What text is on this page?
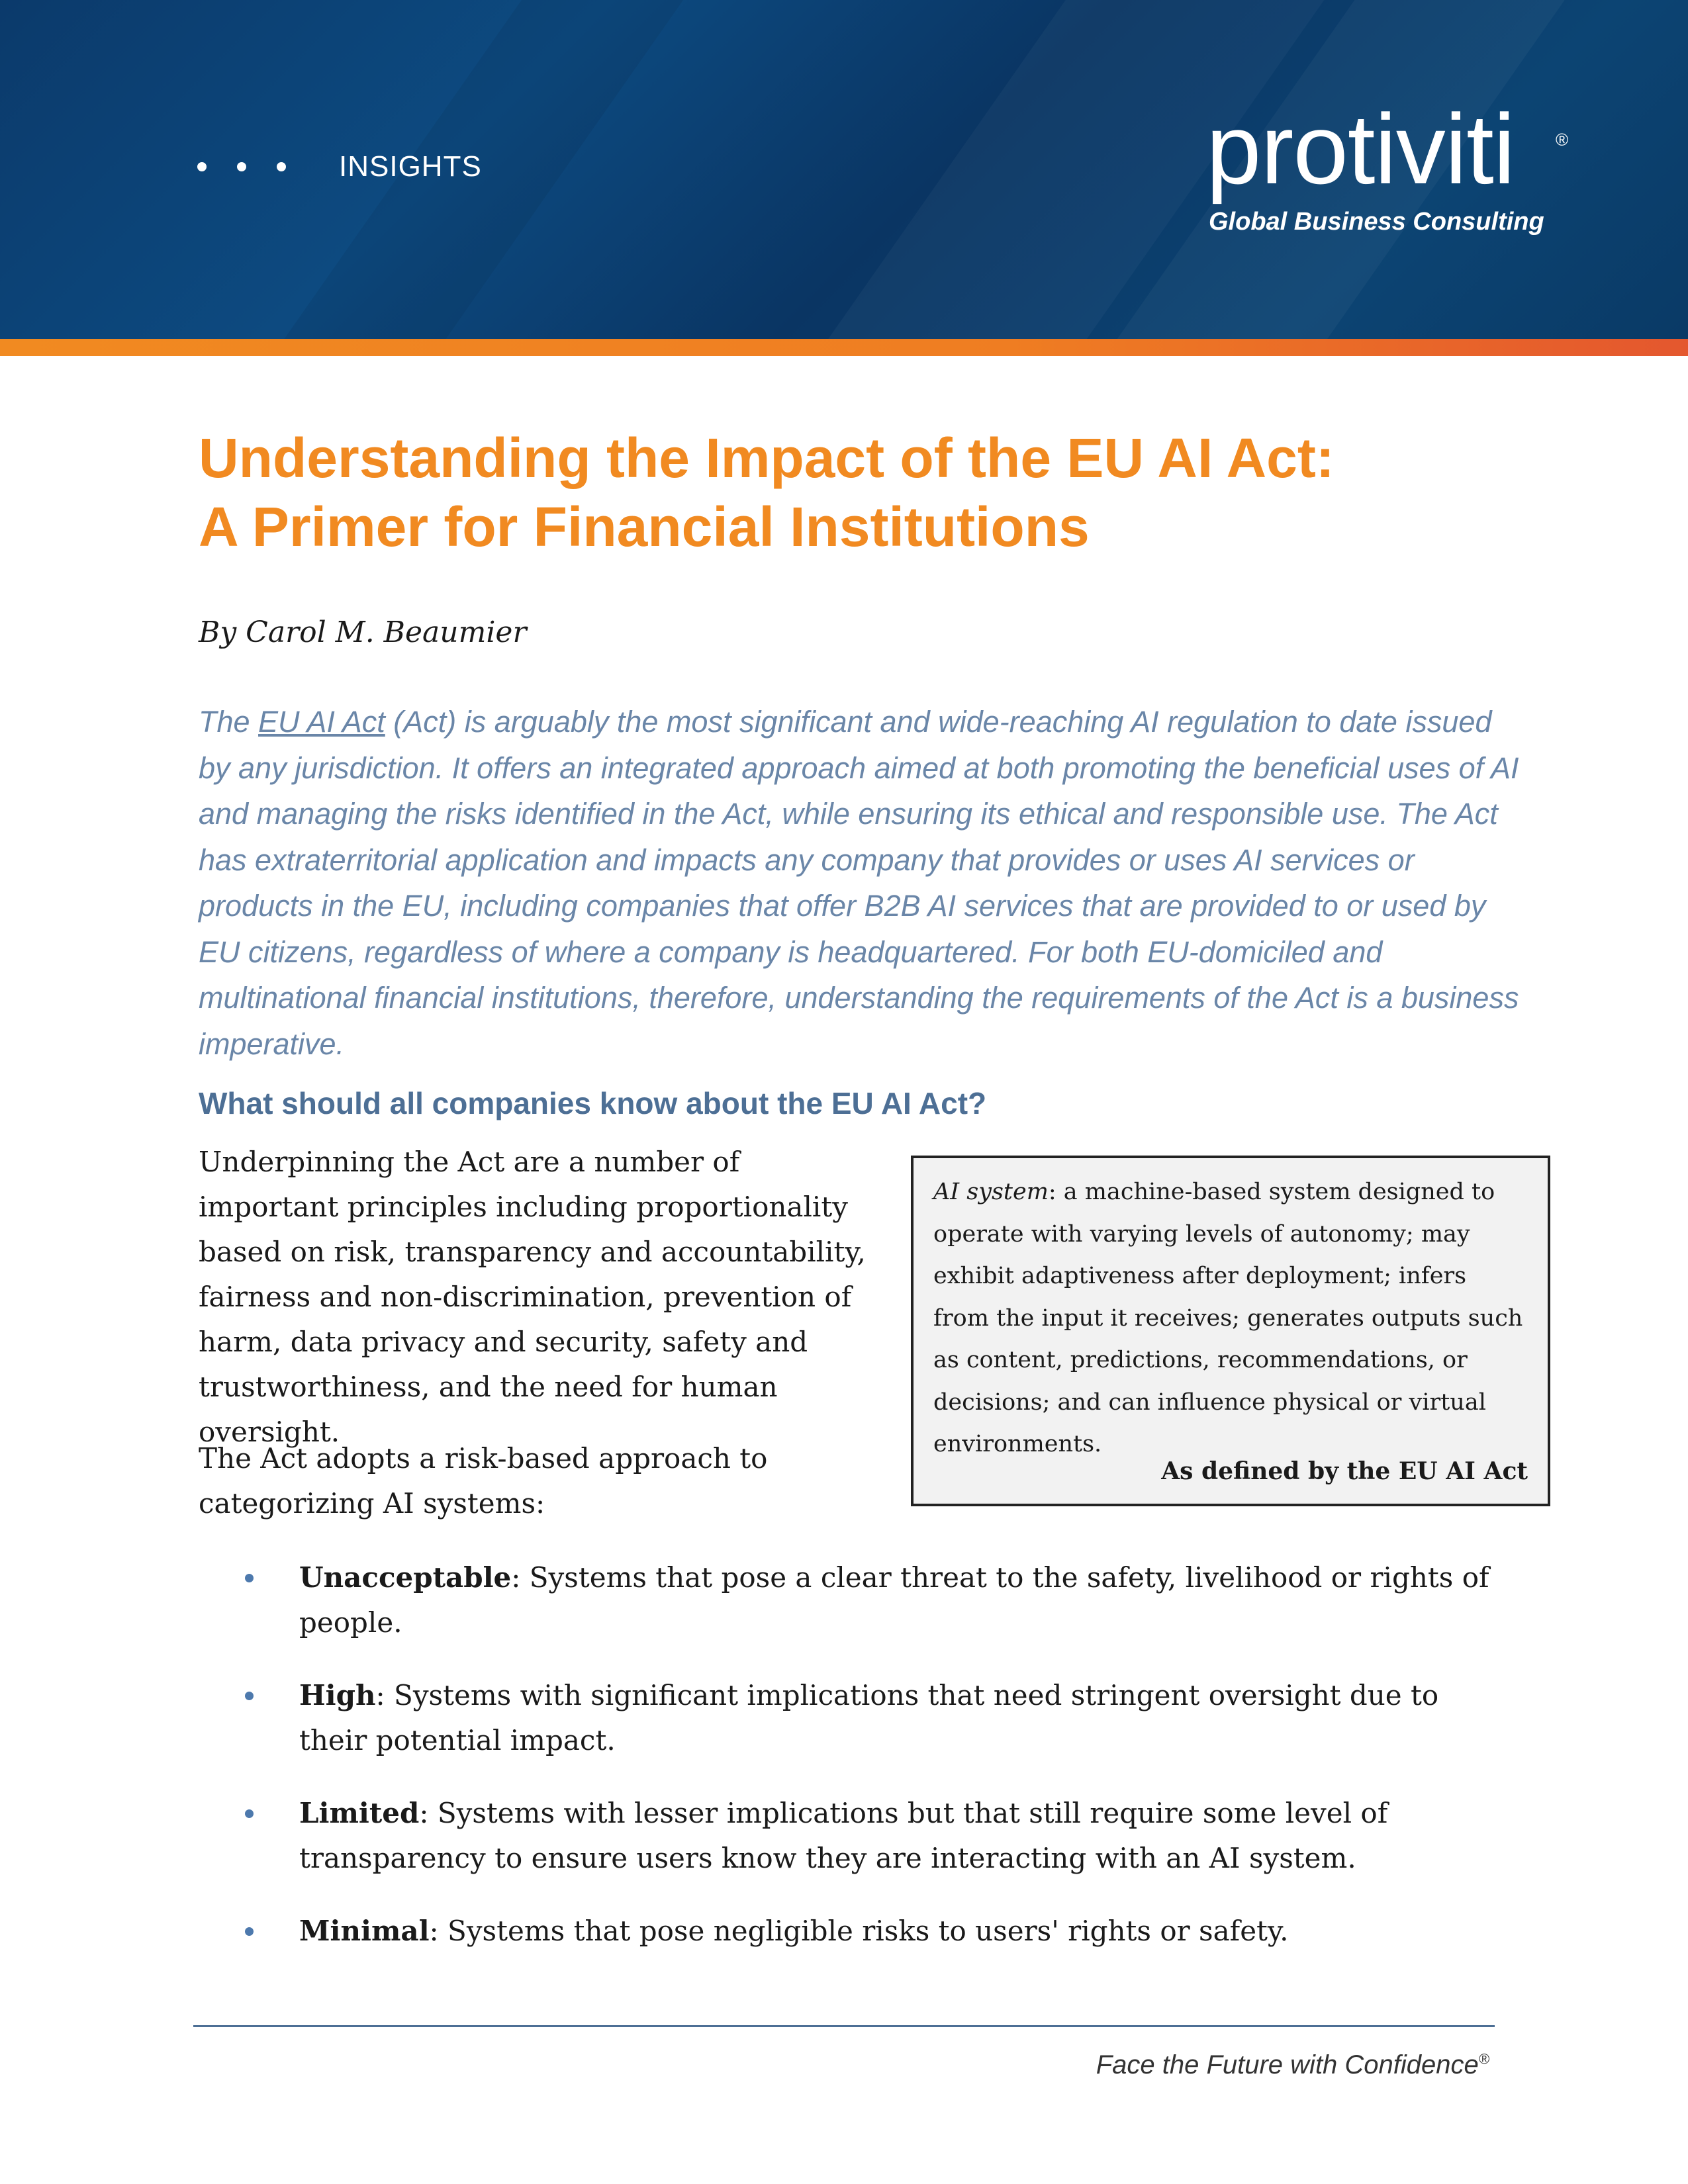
INSIGHTS	protiviti	®
Global Business Consulting
Understanding the Impact of the EU AI Act:
A Primer for Financial Institutions
By Carol M. Beaumier
The EU AI Act (Act) is arguably the most significant and wide-reaching AI regulation to date issued by any jurisdiction. It offers an integrated approach aimed at both promoting the beneficial uses of AI and managing the risks identified in the Act, while ensuring its ethical and responsible use. The Act has extraterritorial application and impacts any company that provides or uses AI services or products in the EU, including companies that offer B2B AI services that are provided to or used by EU citizens, regardless of where a company is headquartered. For both EU-domiciled and multinational financial institutions, therefore, understanding the requirements of the Act is a business imperative.
What should all companies know about the EU AI Act?
Underpinning the Act are a number of important principles including proportionality based on risk, transparency and accountability, fairness and non-discrimination, prevention of harm, data privacy and security, safety and trustworthiness, and the need for human oversight.
The Act adopts a risk-based approach to categorizing AI systems:
AI system: a machine-based system designed to operate with varying levels of autonomy; may exhibit adaptiveness after deployment; infers from the input it receives; generates outputs such as content, predictions, recommendations, or decisions; and can influence physical or virtual environments.
As defined by the EU AI Act
Unacceptable: Systems that pose a clear threat to the safety, livelihood or rights of people.
High: Systems with significant implications that need stringent oversight due to their potential impact.
Limited: Systems with lesser implications but that still require some level of transparency to ensure users know they are interacting with an AI system.
Minimal: Systems that pose negligible risks to users' rights or safety.
Face the Future with Confidence®
